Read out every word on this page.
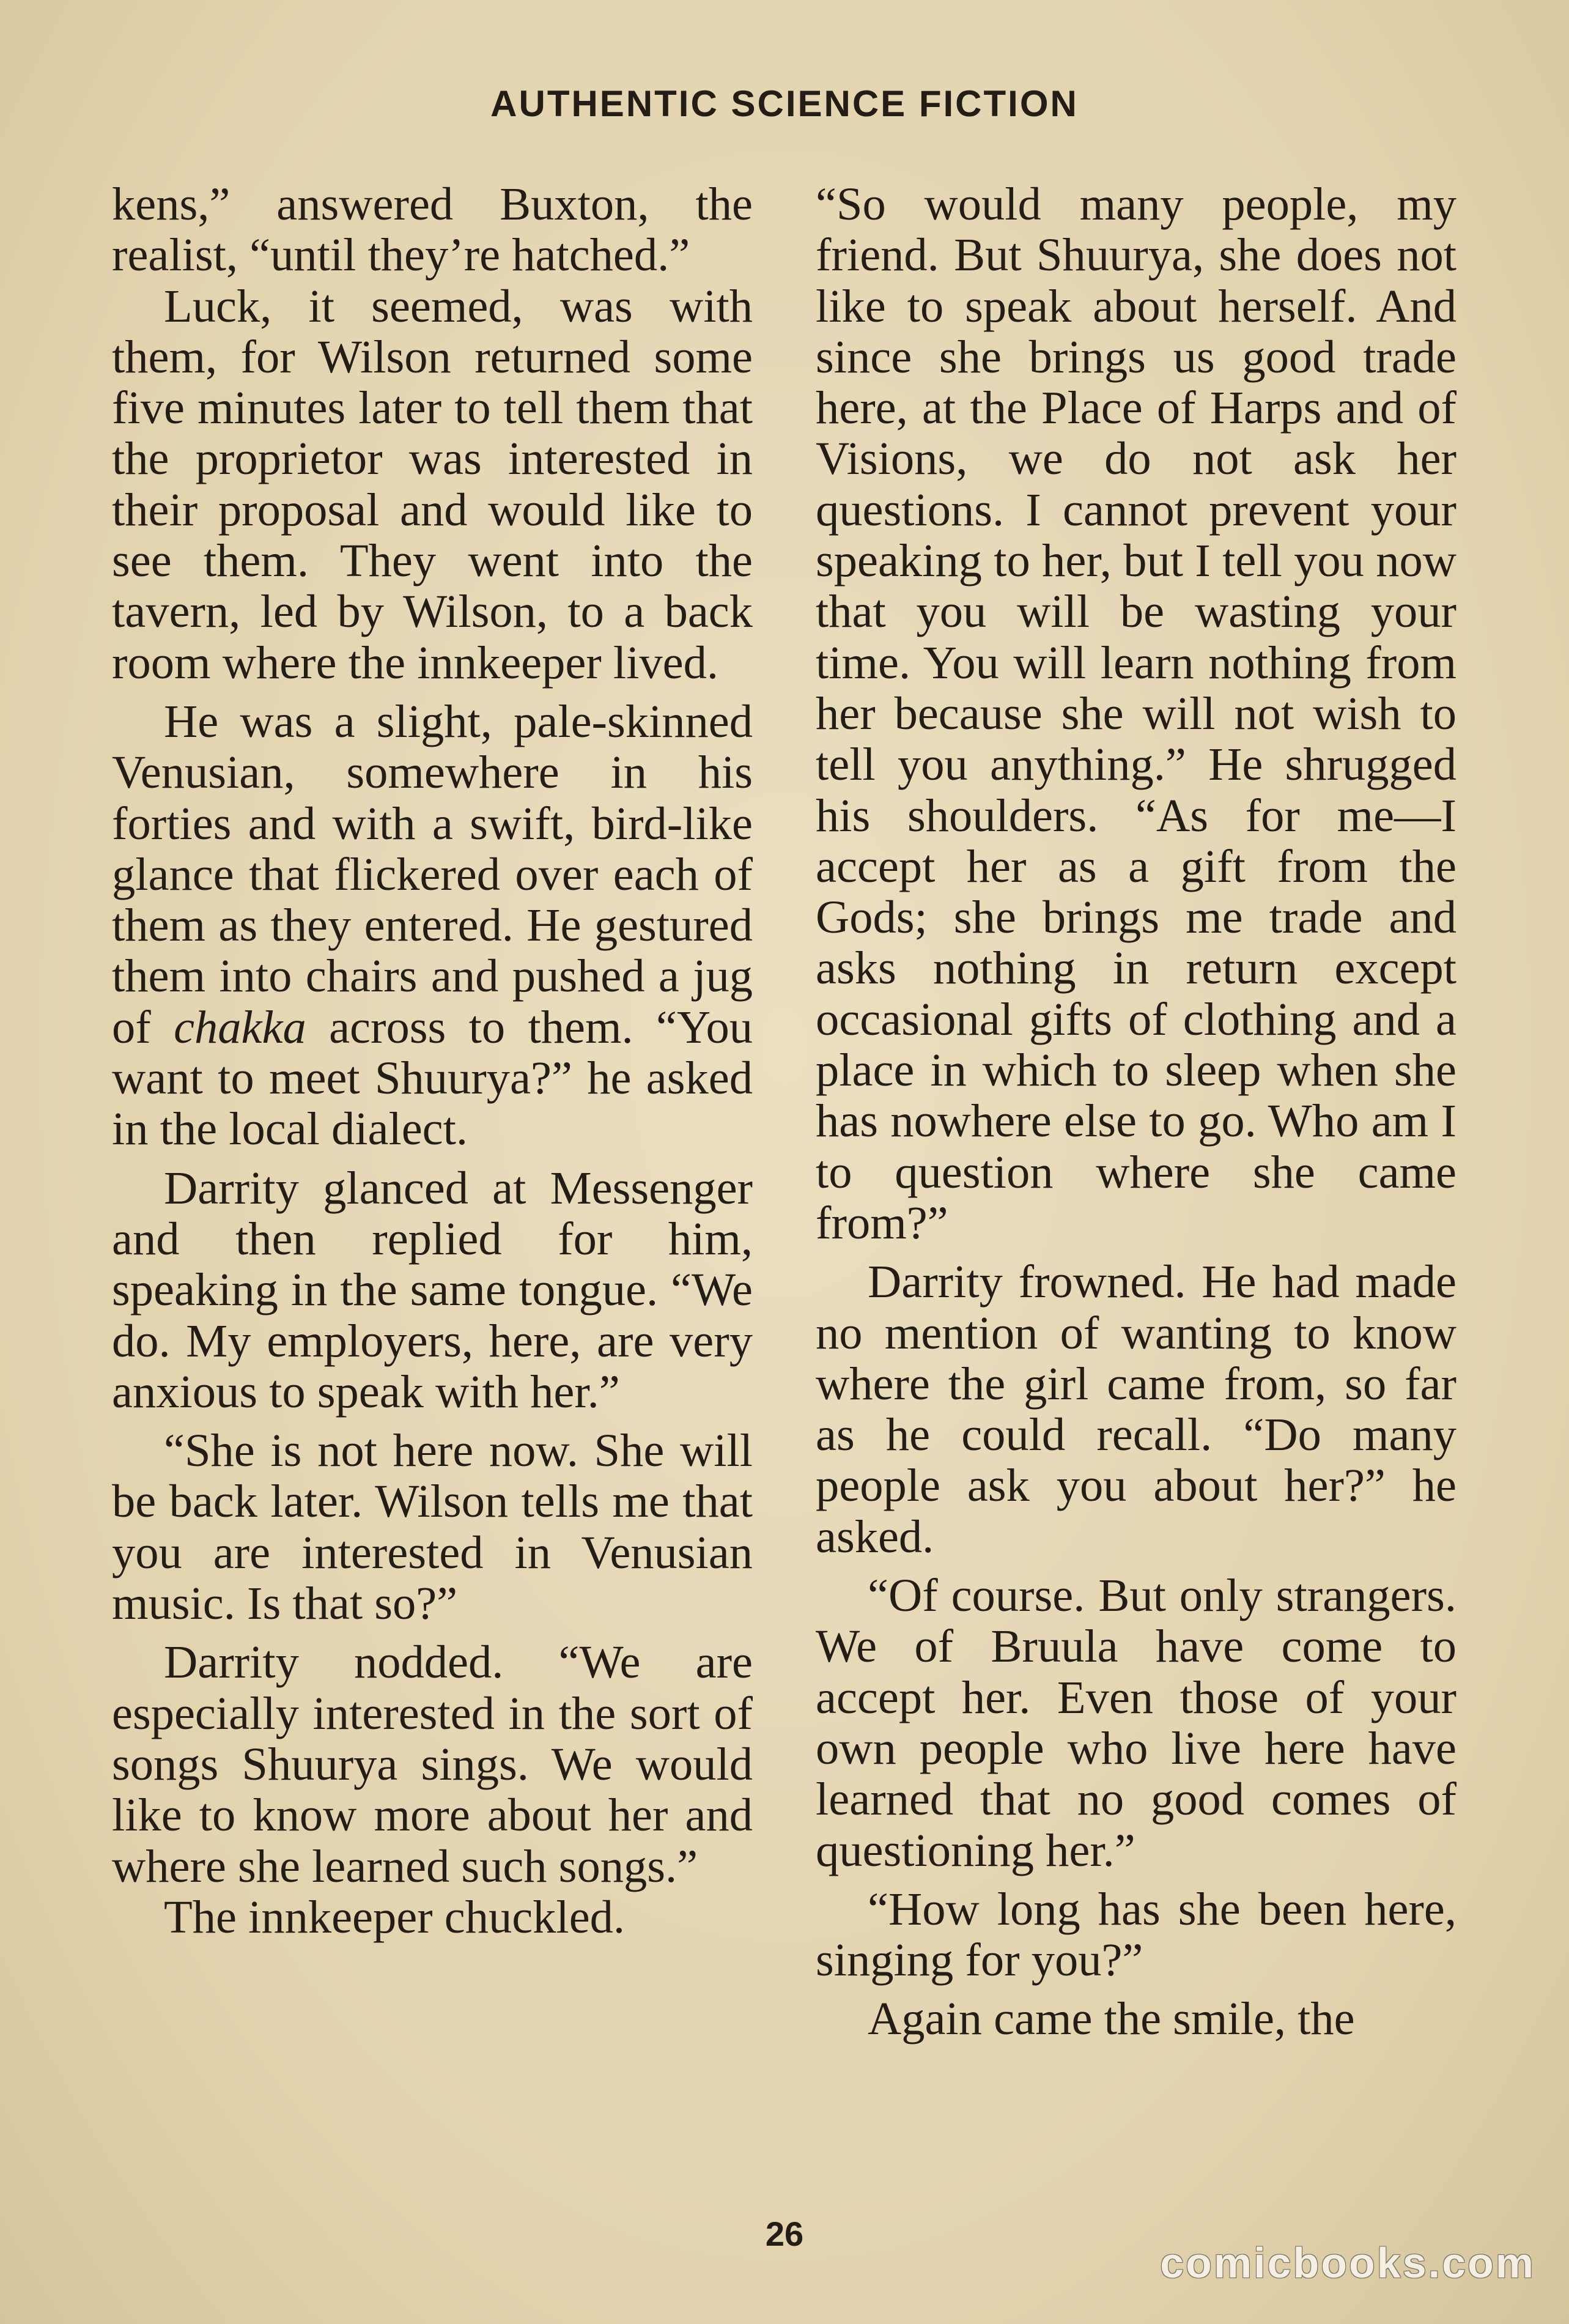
AUTHENTIC SCIENCE FICTION

kens,” answered Buxton, the realist, “until they’re hatched.”

Luck, it seemed, was with them, for Wilson returned some five minutes later to tell them that the proprietor was interested in their proposal and would like to see them. They went into the tavern, led by Wilson, to a back room where the innkeeper lived.

He was a slight, pale-skinned Venusian, somewhere in his forties and with a swift, bird-like glance that flickered over each of them as they entered. He gestured them into chairs and pushed a jug of chakka across to them. “You want to meet Shuurya?” he asked in the local dialect.

Darrity glanced at Messenger and then replied for him, speaking in the same tongue. “We do. My employers, here, are very anxious to speak with her.”

“She is not here now. She will be back later. Wilson tells me that you are interested in Venusian music. Is that so?”

Darrity nodded. “We are especially interested in the sort of songs Shuurya sings. We would like to know more about her and where she learned such songs.”

The innkeeper chuckled.

“So would many people, my friend. But Shuurya, she does not like to speak about herself. And since she brings us good trade here, at the Place of Harps and of Visions, we do not ask her questions. I cannot prevent your speaking to her, but I tell you now that you will be wasting your time. You will learn nothing from her because she will not wish to tell you anything.” He shrugged his shoulders. “As for me—I accept her as a gift from the Gods; she brings me trade and asks nothing in return except occasional gifts of clothing and a place in which to sleep when she has nowhere else to go. Who am I to question where she came from?”

Darrity frowned. He had made no mention of wanting to know where the girl came from, so far as he could recall. “Do many people ask you about her?” he asked.

“Of course. But only strangers. We of Bruula have come to accept her. Even those of your own people who live here have learned that no good comes of questioning her.”

“How long has she been here, singing for you?”

Again came the smile, the

26
comicbooks.com
